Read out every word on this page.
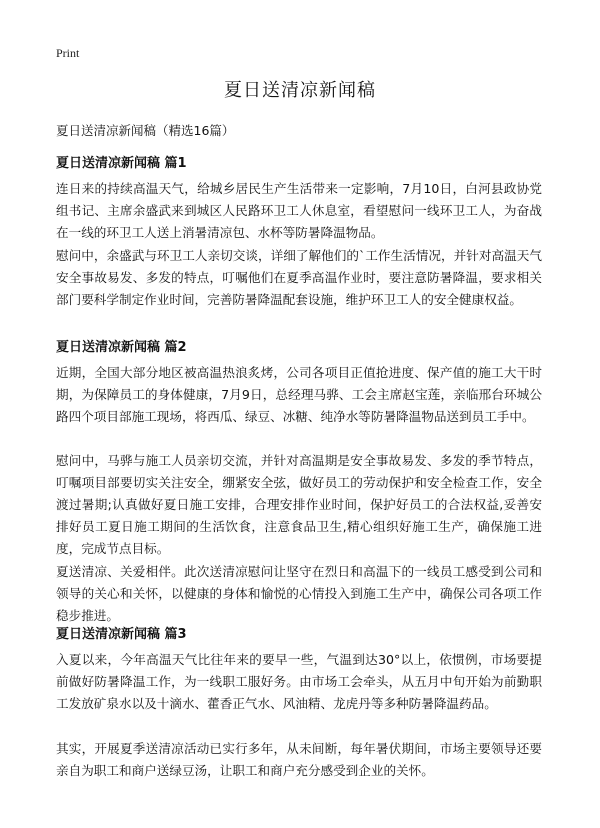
Print
夏日送清凉新闻稿

夏日送清凉新闻稿（精选16篇）

夏日送清凉新闻稿 篇1

连日来的持续高温天气，给城乡居民生产生活带来一定影响，7月10日，白河县政协党组书记、主席余盛武来到城区人民路环卫工人休息室，看望慰问一线环卫工人，为奋战在一线的环卫工人送上消暑清凉包、水杯等防暑降温物品。

慰问中，余盛武与环卫工人亲切交谈，详细了解他们的`工作生活情况，并针对高温天气安全事故易发、多发的特点，叮嘱他们在夏季高温作业时，要注意防暑降温，要求相关部门要科学制定作业时间，完善防暑降温配套设施，维护环卫工人的安全健康权益。

夏日送清凉新闻稿 篇2

近期，全国大部分地区被高温热浪炙烤，公司各项目正值抢进度、保产值的施工大干时期，为保障员工的身体健康，7月9日，总经理马骅、工会主席赵宝莲，亲临邢台环城公路四个项目部施工现场，将西瓜、绿豆、冰糖、纯净水等防暑降温物品送到员工手中。

慰问中，马骅与施工人员亲切交流，并针对高温期是安全事故易发、多发的季节特点，叮嘱项目部要切实关注安全，绷紧安全弦，做好员工的劳动保护和安全检查工作，安全渡过暑期;认真做好夏日施工安排，合理安排作业时间，保护好员工的合法权益,妥善安排好员工夏日施工期间的生活饮食，注意食品卫生,精心组织好施工生产，确保施工进度，完成节点目标。

夏送清凉、关爱相伴。此次送清凉慰问让坚守在烈日和高温下的一线员工感受到公司和领导的关心和关怀，以健康的身体和愉悦的心情投入到施工生产中，确保公司各项工作稳步推进。

夏日送清凉新闻稿 篇3

入夏以来，今年高温天气比往年来的要早一些，气温到达30°以上，依惯例，市场要提前做好防暑降温工作，为一线职工服好务。由市场工会牵头，从五月中旬开始为前勤职工发放矿泉水以及十滴水、藿香正气水、风油精、龙虎丹等多种防暑降温药品。

其实，开展夏季送清凉活动已实行多年，从未间断，每年暑伏期间，市场主要领导还要亲自为职工和商户送绿豆汤，让职工和商户充分感受到企业的关怀。
